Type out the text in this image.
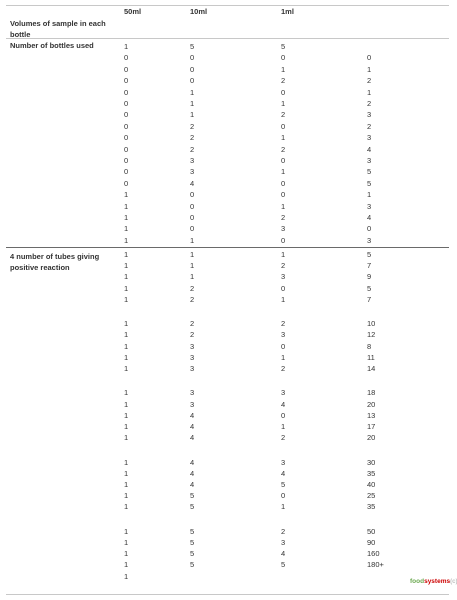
50ml	10ml	1ml
Volumes of sample in each bottle
Number of bottles used
4 number of tubes giving positive reaction
foodsystems(c)
1	5	5
0	0	0	0
0	0	1	1
0	0	2	2
0	1	0	1
0	1	1	2
0	1	2	3
0	2	0	2
0	2	1	3
0	2	2	4
0	3	0	3
0	3	1	5
0	4	0	5
1	0	0	1
1	0	1	3
1	0	2	4
1	0	3	0
1	1	0	3
1	1	1	5
1	1	2	7
1	1	3	9
1	2	0	5
1	2	1	7
1	2	2	10
1	2	3	12
1	3	0	8
1	3	1	11
1	3	2	14
1	3	3	18
1	3	4	20
1	4	0	13
1	4	1	17
1	4	2	20
1	4	3	30
1	4	4	35
1	4	5	40
1	5	0	25
1	5	1	35
1	5	2	50
1	5	3	90
1	5	4	160
1	5	5	180+
1
